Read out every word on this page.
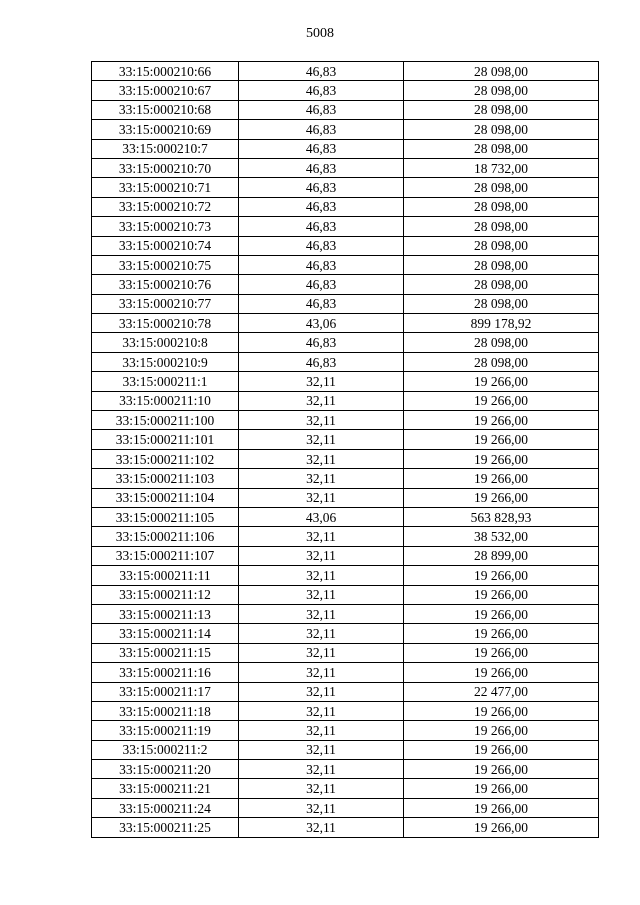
5008
33:15:000210:66	46,83	28 098,00
33:15:000210:67	46,83	28 098,00
33:15:000210:68	46,83	28 098,00
33:15:000210:69	46,83	28 098,00
33:15:000210:7	46,83	28 098,00
33:15:000210:70	46,83	18 732,00
33:15:000210:71	46,83	28 098,00
33:15:000210:72	46,83	28 098,00
33:15:000210:73	46,83	28 098,00
33:15:000210:74	46,83	28 098,00
33:15:000210:75	46,83	28 098,00
33:15:000210:76	46,83	28 098,00
33:15:000210:77	46,83	28 098,00
33:15:000210:78	43,06	899 178,92
33:15:000210:8	46,83	28 098,00
33:15:000210:9	46,83	28 098,00
33:15:000211:1	32,11	19 266,00
33:15:000211:10	32,11	19 266,00
33:15:000211:100	32,11	19 266,00
33:15:000211:101	32,11	19 266,00
33:15:000211:102	32,11	19 266,00
33:15:000211:103	32,11	19 266,00
33:15:000211:104	32,11	19 266,00
33:15:000211:105	43,06	563 828,93
33:15:000211:106	32,11	38 532,00
33:15:000211:107	32,11	28 899,00
33:15:000211:11	32,11	19 266,00
33:15:000211:12	32,11	19 266,00
33:15:000211:13	32,11	19 266,00
33:15:000211:14	32,11	19 266,00
33:15:000211:15	32,11	19 266,00
33:15:000211:16	32,11	19 266,00
33:15:000211:17	32,11	22 477,00
33:15:000211:18	32,11	19 266,00
33:15:000211:19	32,11	19 266,00
33:15:000211:2	32,11	19 266,00
33:15:000211:20	32,11	19 266,00
33:15:000211:21	32,11	19 266,00
33:15:000211:24	32,11	19 266,00
33:15:000211:25	32,11	19 266,00
